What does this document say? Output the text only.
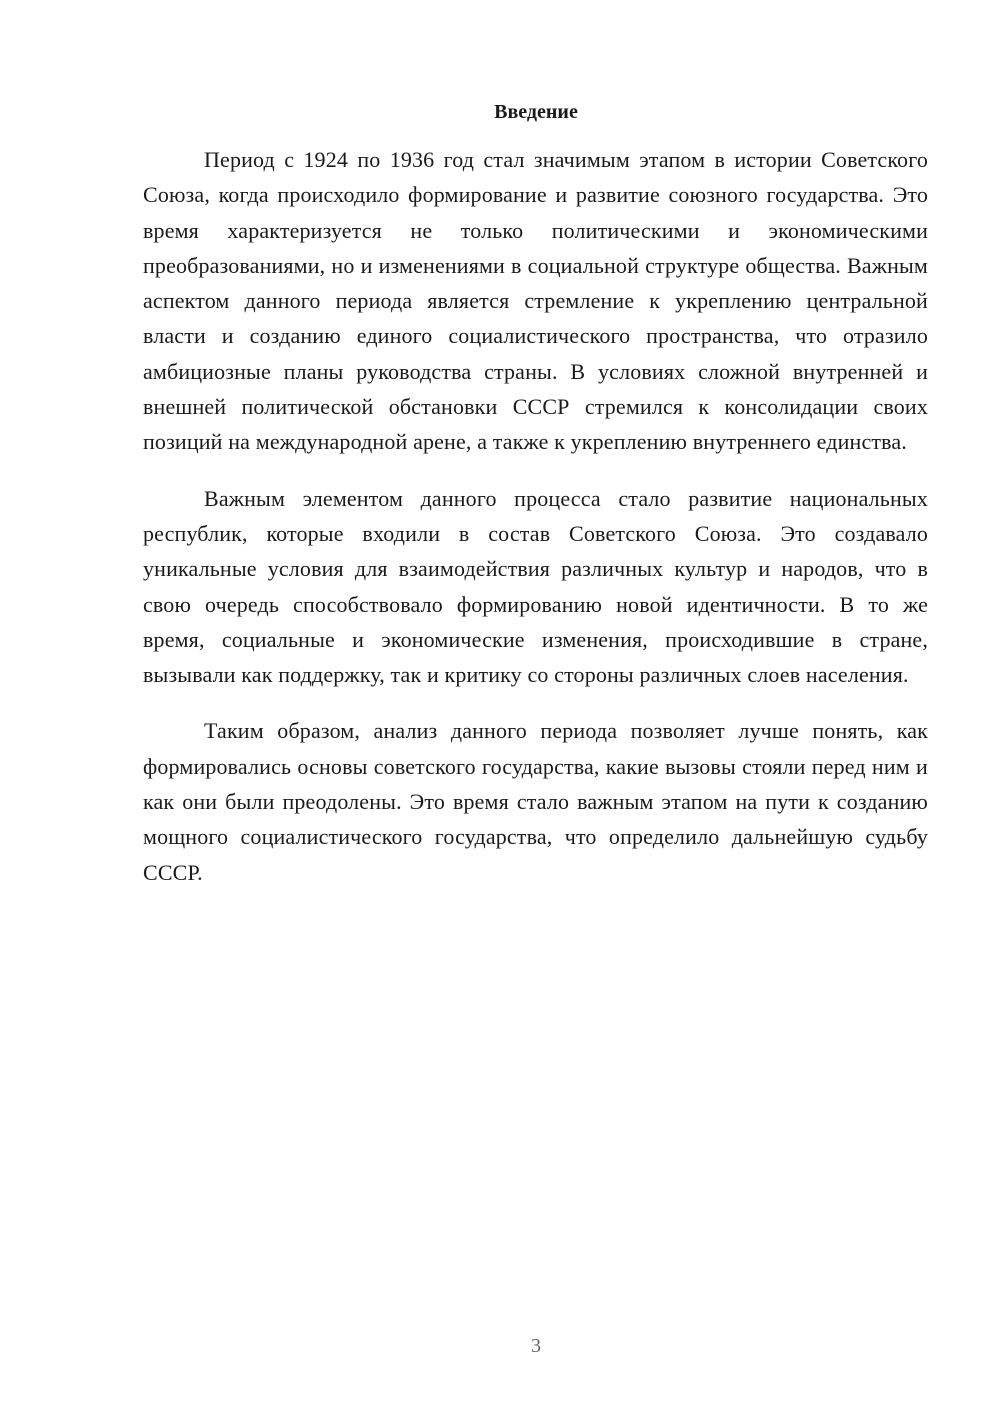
Введение

Период с 1924 по 1936 год стал значимым этапом в истории Советского Союза, когда происходило формирование и развитие союзного государства. Это время характеризуется не только политическими и экономическими преобразованиями, но и изменениями в социальной структуре общества. Важным аспектом данного периода является стремление к укреплению центральной власти и созданию единого социалистического пространства, что отразило амбициозные планы руководства страны. В условиях сложной внутренней и внешней политической обстановки СССР стремился к консолидации своих позиций на международной арене, а также к укреплению внутреннего единства.

Важным элементом данного процесса стало развитие национальных республик, которые входили в состав Советского Союза. Это создавало уникальные условия для взаимодействия различных культур и народов, что в свою очередь способствовало формированию новой идентичности. В то же время, социальные и экономические изменения, происходившие в стране, вызывали как поддержку, так и критику со стороны различных слоев населения.

Таким образом, анализ данного периода позволяет лучше понять, как формировались основы советского государства, какие вызовы стояли перед ним и как они были преодолены. Это время стало важным этапом на пути к созданию мощного социалистического государства, что определило дальнейшую судьбу СССР.

3
